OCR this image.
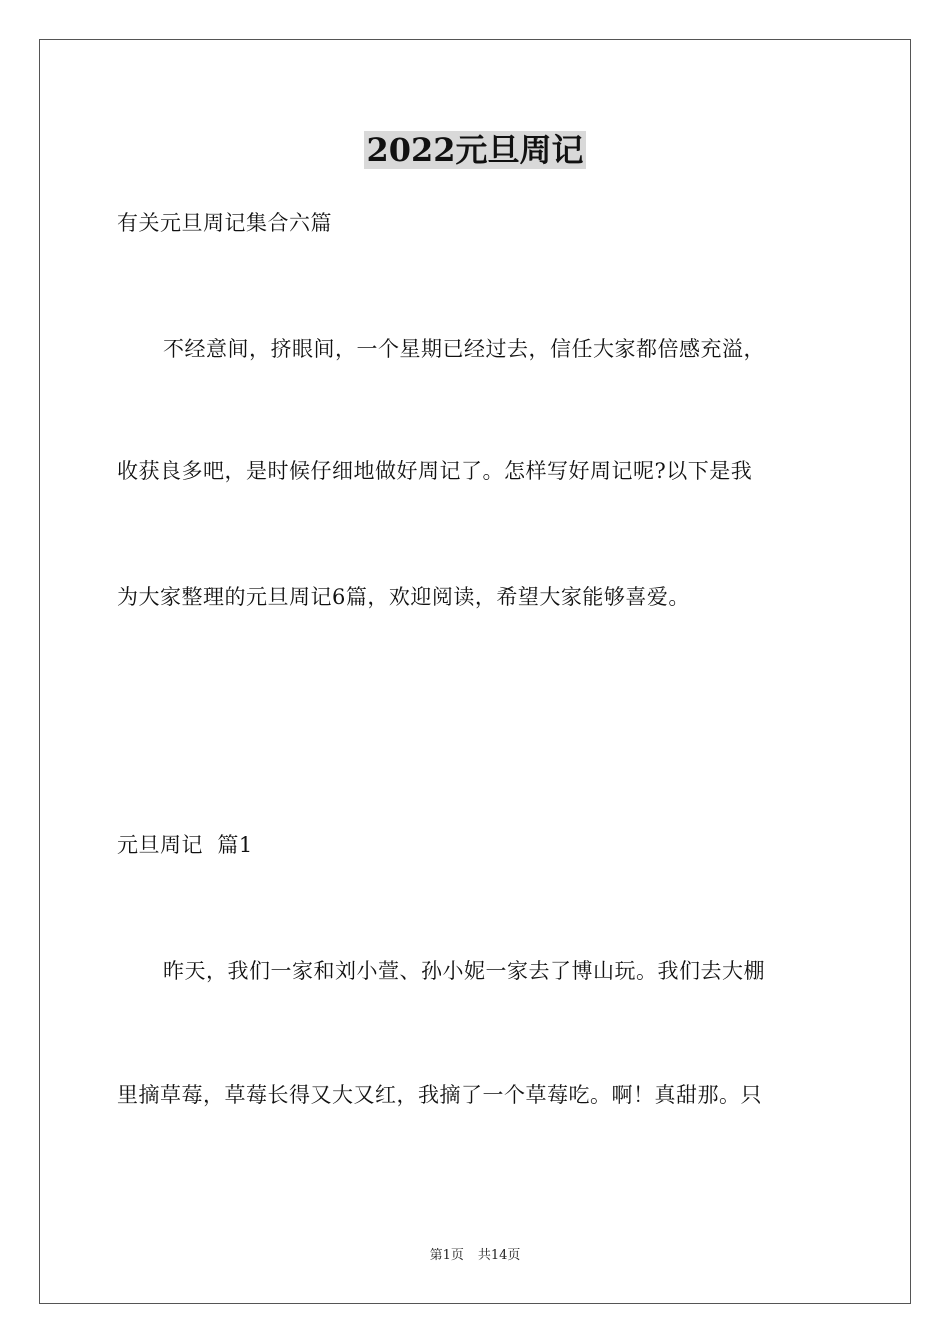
2022元旦周记
有关元旦周记集合六篇
不经意间，挤眼间，一个星期已经过去，信任大家都倍感充溢，
收获良多吧，是时候仔细地做好周记了。怎样写好周记呢?以下是我
为大家整理的元旦周记6篇，欢迎阅读，希望大家能够喜爱。
元旦周记  篇1
昨天，我们一家和刘小萱、孙小妮一家去了博山玩。我们去大棚
里摘草莓，草莓长得又大又红，我摘了一个草莓吃。啊！真甜那。只
第1页 共14页
